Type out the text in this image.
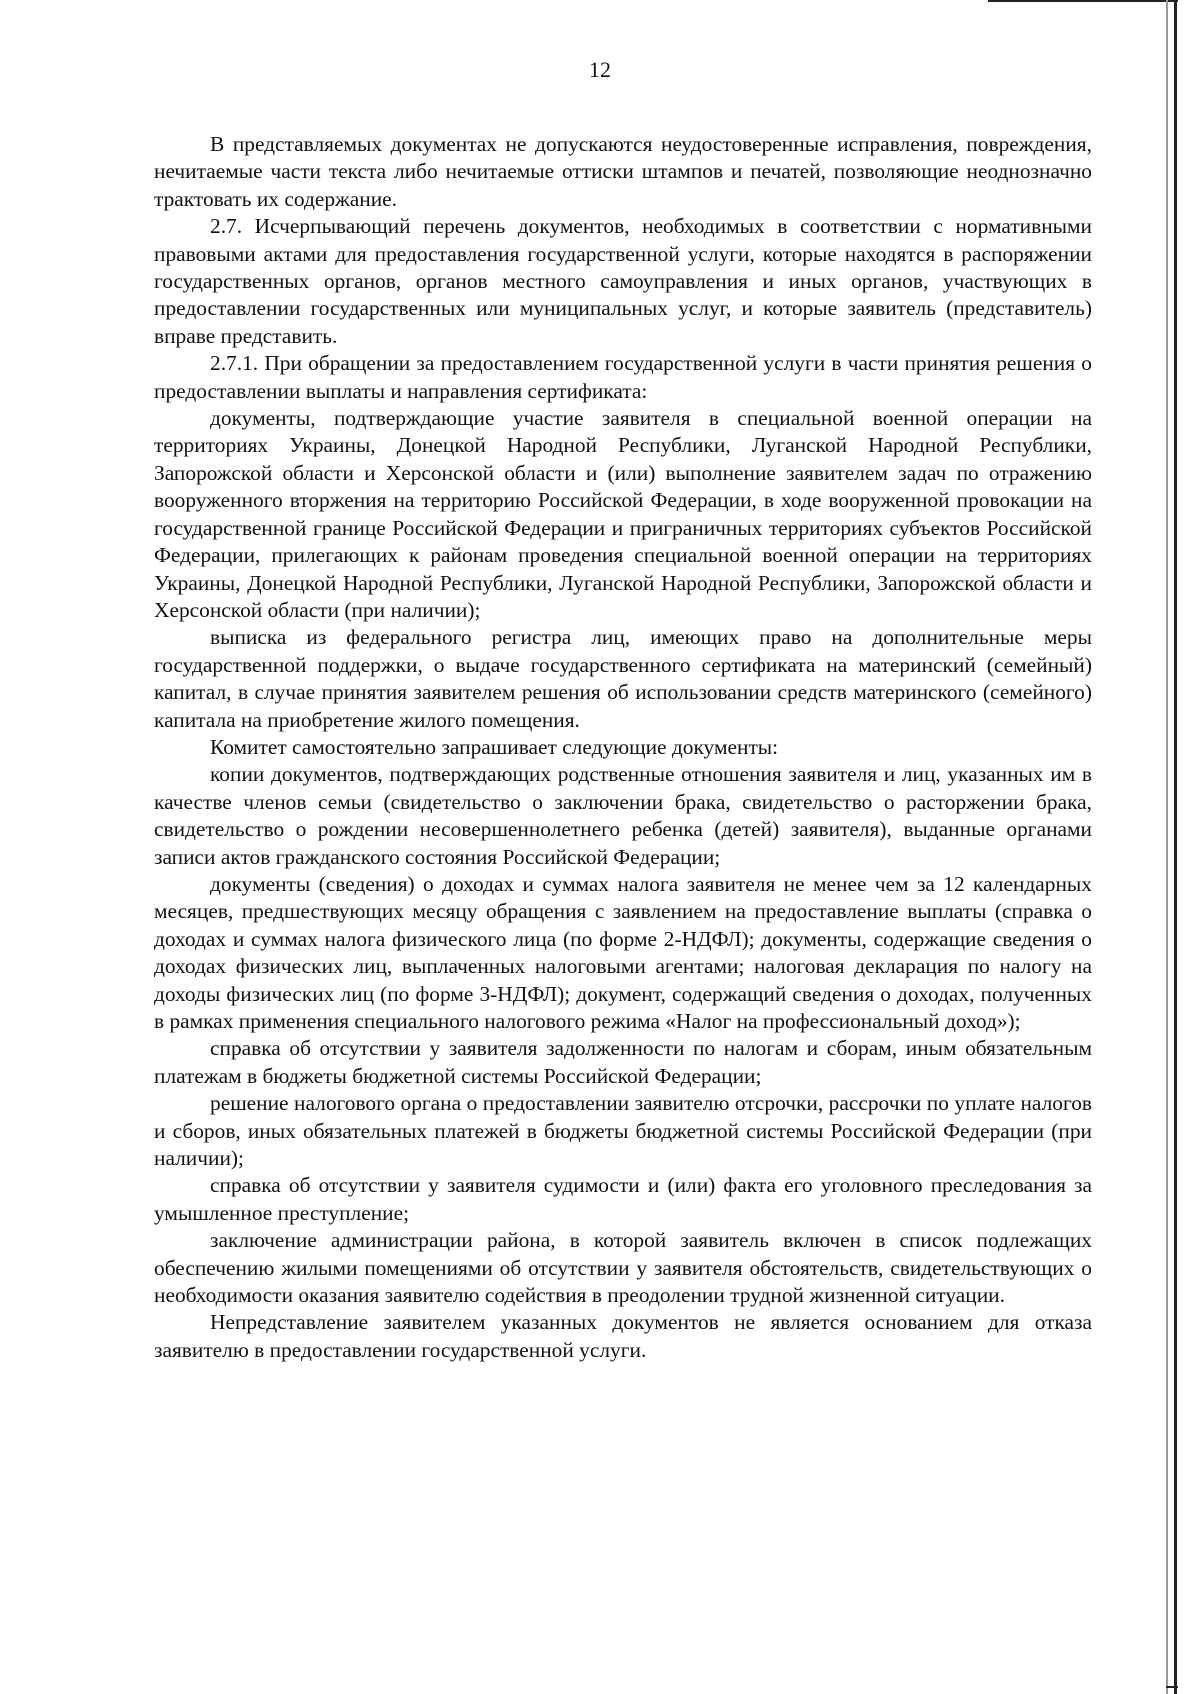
12

В представляемых документах не допускаются неудостоверенные исправления, повреждения, нечитаемые части текста либо нечитаемые оттиски штампов и печатей, позволяющие неоднозначно трактовать их содержание.

2.7. Исчерпывающий перечень документов, необходимых в соответствии с нормативными правовыми актами для предоставления государственной услуги, которые находятся в распоряжении государственных органов, органов местного самоуправления и иных органов, участвующих в предоставлении государственных или муниципальных услуг, и которые заявитель (представитель) вправе представить.

2.7.1. При обращении за предоставлением государственной услуги в части принятия решения о предоставлении выплаты и направления сертификата:

документы, подтверждающие участие заявителя в специальной военной операции на территориях Украины, Донецкой Народной Республики, Луганской Народной Республики, Запорожской области и Херсонской области и (или) выполнение заявителем задач по отражению вооруженного вторжения на территорию Российской Федерации, в ходе вооруженной провокации на государственной границе Российской Федерации и приграничных территориях субъектов Российской Федерации, прилегающих к районам проведения специальной военной операции на территориях Украины, Донецкой Народной Республики, Луганской Народной Республики, Запорожской области и Херсонской области (при наличии);

выписка из федерального регистра лиц, имеющих право на дополнительные меры государственной поддержки, о выдаче государственного сертификата на материнский (семейный) капитал, в случае принятия заявителем решения об использовании средств материнского (семейного) капитала на приобретение жилого помещения.

Комитет самостоятельно запрашивает следующие документы:

копии документов, подтверждающих родственные отношения заявителя и лиц, указанных им в качестве членов семьи (свидетельство о заключении брака, свидетельство о расторжении брака, свидетельство о рождении несовершеннолетнего ребенка (детей) заявителя), выданные органами записи актов гражданского состояния Российской Федерации;

документы (сведения) о доходах и суммах налога заявителя не менее чем за 12 календарных месяцев, предшествующих месяцу обращения с заявлением на предоставление выплаты (справка о доходах и суммах налога физического лица (по форме 2-НДФЛ); документы, содержащие сведения о доходах физических лиц, выплаченных налоговыми агентами; налоговая декларация по налогу на доходы физических лиц (по форме 3-НДФЛ); документ, содержащий сведения о доходах, полученных в рамках применения специального налогового режима «Налог на профессиональный доход»);

справка об отсутствии у заявителя задолженности по налогам и сборам, иным обязательным платежам в бюджеты бюджетной системы Российской Федерации;

решение налогового органа о предоставлении заявителю отсрочки, рассрочки по уплате налогов и сборов, иных обязательных платежей в бюджеты бюджетной системы Российской Федерации (при наличии);

справка об отсутствии у заявителя судимости и (или) факта его уголовного преследования за умышленное преступление;

заключение администрации района, в которой заявитель включен в список подлежащих обеспечению жилыми помещениями об отсутствии у заявителя обстоятельств, свидетельствующих о необходимости оказания заявителю содействия в преодолении трудной жизненной ситуации.

Непредставление заявителем указанных документов не является основанием для отказа заявителю в предоставлении государственной услуги.
